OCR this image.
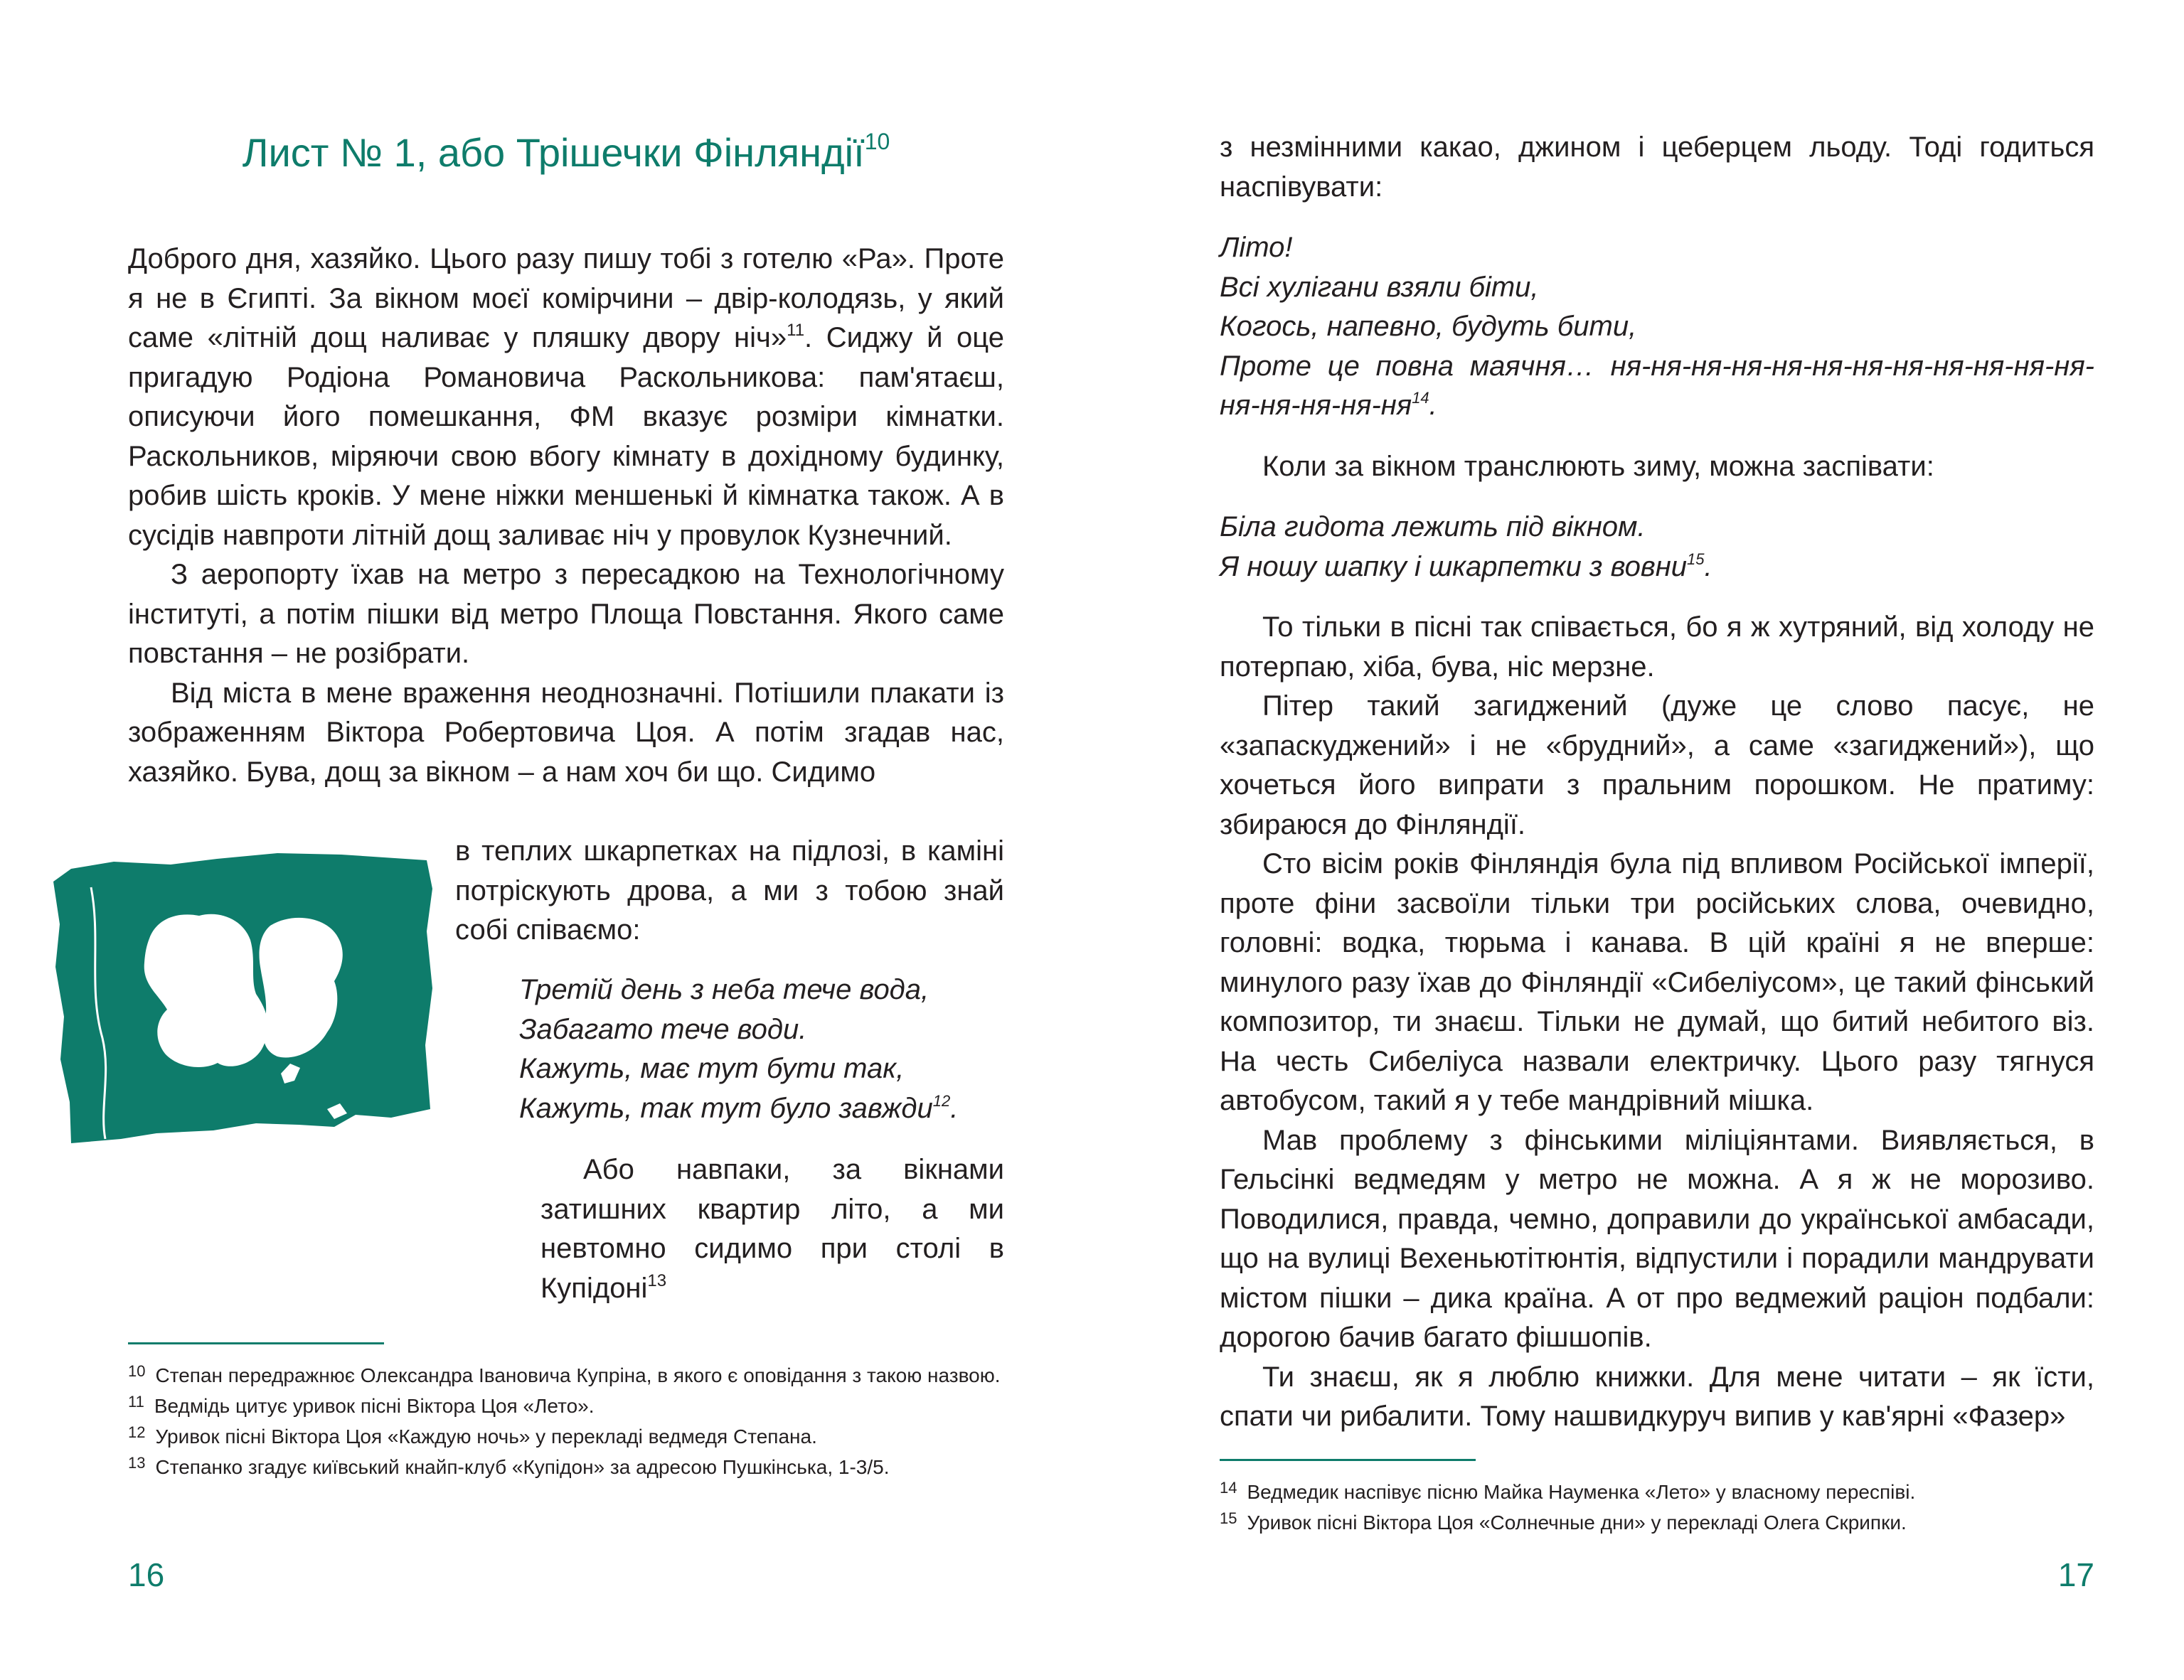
Лист № 1, або Трішечки Фінляндії$^{10}$

Доброго дня, хазяйко. Цього разу пишу тобі з готелю «Ра». Проте я не в Єгипті. За вікном моєї комірчини – двір-колодязь, у який саме «літній дощ наливає у пляшку двору ніч»$^{11}$. Сиджу й оце пригадую Родіона Романовича Раскольникова: пам'ятаєш, описуючи його помешкання, ФМ вказує розміри кімнатки. Раскольников, міряючи свою вбогу кімнату в дохідному будинку, робив шість кроків. У мене ніжки меншенькі й кімнатка також. А в сусідів навпроти літній дощ заливає ніч у провулок Кузнечний.

З аеропорту їхав на метро з пересадкою на Технологічному інституті, а потім пішки від метро Площа Повстання. Якого саме повстання – не розібрати.

Від міста в мене враження неоднозначні. Потішили плакати із зображенням Віктора Робертовича Цоя. А потім згадав нас, хазяйко. Бува, дощ за вікном – а нам хоч би що. Сидимо

в теплих шкарпетках на підлозі, в каміні потріскують дрова, а ми з тобою знай собі співаємо:

Третій день з неба тече вода,
Забагато тече води.
Кажуть, має тут бути так,
Кажуть, так тут було завжди$^{12}$.

Або навпаки, за вікнами затишних квартир літо, а ми невтомно сидимо при столі в Купідоні$^{13}$

$^{10}$ Степан передражнює Олександра Івановича Купріна, в якого є оповідання з такою назвою.
$^{11}$ Ведмідь цитує уривок пісні Віктора Цоя «Лето».
$^{12}$ Уривок пісні Віктора Цоя «Каждую ночь» у перекладі ведмедя Степана.
$^{13}$ Степанко згадує київський кнайп-клуб «Купідон» за адресою Пушкінська, 1-3/5.
16

з незмінними какао, джином і цеберцем льоду. Тоді годиться наспівувати:

Літо!
Всі хулігани взяли біти,
Когось, напевно, будуть бити,
Проте це повна маячня… $ня-ня-ня-ня-ня-ня-ня-ня-ня-ня-ня-ня-ня-ня-ня-ня-ня^{14}$.

Коли за вікном транслюють зиму, можна заспівати:

Біла гидота лежить під вікном.
Я ношу шапку і шкарпетки з вовни$^{15}$.

То тільки в пісні так співається, бо я ж хутряний, від холоду не потерпаю, хіба, бува, ніс мерзне.

Пітер такий загиджений (дуже це слово пасує, не «запаскуджений» і не «брудний», а саме «загиджений»), що хочеться його випрати з пральним порошком. Не пратиму: збираюся до Фінляндії.

Сто вісім років Фінляндія була під впливом Російської імперії, проте фіни засвоїли тільки три російських слова, очевидно, головні: водка, тюрьма і канава. В цій країні я не вперше: минулого разу їхав до Фінляндії «Сибеліусом», це такий фінський композитор, ти знаєш. Тільки не думай, що битий небитого віз. На честь Сибеліуса назвали електричку. Цього разу тягнуся автобусом, такий я у тебе мандрівний мішка.

Мав проблему з фінськими міліціянтами. Виявляється, в Гельсінкі ведмедям у метро не можна. А я ж не морозиво. Поводилися, правда, чемно, доправили до української амбасади, що на вулиці Вехеньютітюнтія, відпустили і порадили мандрувати містом пішки – дика країна. А от про ведмежий раціон подбали: дорогою бачив багато фішшопів.

Ти знаєш, як я люблю книжки. Для мене читати – як їсти, спати чи рибалити. Тому нашвидкуруч випив у кав'ярні «Фазер»

$^{14}$ Ведмедик наспівує пісню Майка Науменка «Лето» у власному переспіві.
$^{15}$ Уривок пісні Віктора Цоя «Солнечные дни» у перекладі Олега Скрипки.
17
